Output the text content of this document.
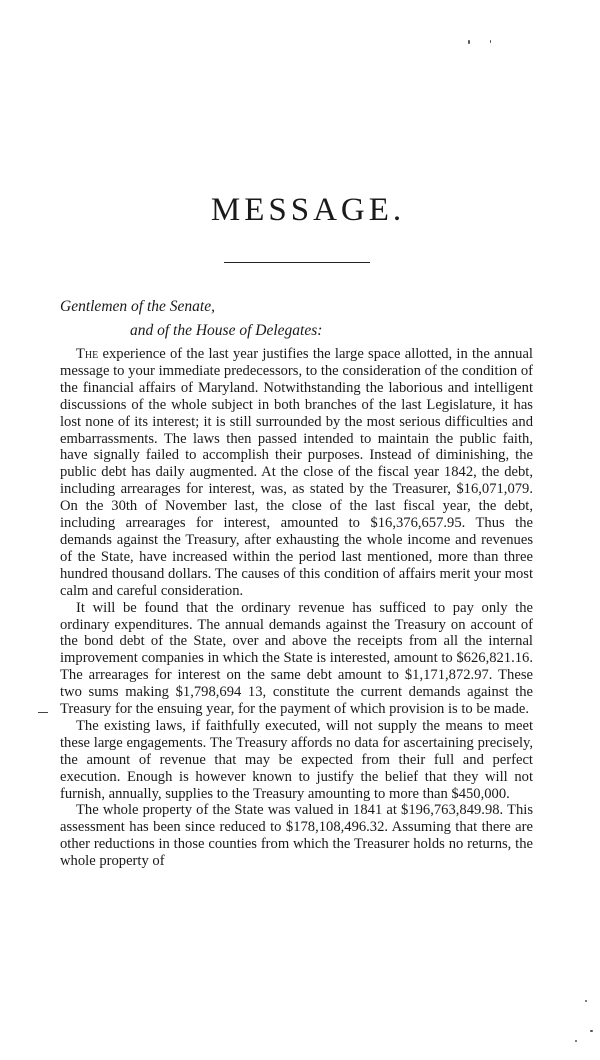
MESSAGE.
Gentlemen of the Senate,
and of the House of Delegates:

The experience of the last year justifies the large space allotted, in the annual message to your immediate predecessors, to the consideration of the condition of the financial affairs of Maryland. Notwithstanding the laborious and intelligent discussions of the whole subject in both branches of the last Legislature, it has lost none of its interest; it is still surrounded by the most serious difficulties and embarrassments. The laws then passed intended to maintain the public faith, have signally failed to accomplish their purposes. Instead of diminishing, the public debt has daily augmented. At the close of the fiscal year 1842, the debt, including arrearages for interest, was, as stated by the Treasurer, $16,071,079. On the 30th of November last, the close of the last fiscal year, the debt, including arrearages for interest, amounted to $16,376,657.95. Thus the demands against the Treasury, after exhausting the whole income and revenues of the State, have increased within the period last mentioned, more than three hundred thousand dollars. The causes of this condition of affairs merit your most calm and careful consideration.

It will be found that the ordinary revenue has sufficed to pay only the ordinary expenditures. The annual demands against the Treasury on account of the bond debt of the State, over and above the receipts from all the internal improvement companies in which the State is interested, amount to $626,821.16. The arrearages for interest on the same debt amount to $1,171,872.97. These two sums making $1,798,694 13, constitute the current demands against the Treasury for the ensuing year, for the payment of which provision is to be made.

The existing laws, if faithfully executed, will not supply the means to meet these large engagements. The Treasury affords no data for ascertaining precisely, the amount of revenue that may be expected from their full and perfect execution. Enough is however known to justify the belief that they will not furnish, annually, supplies to the Treasury amounting to more than $450,000.

The whole property of the State was valued in 1841 at $196,763,849.98. This assessment has been since reduced to $178,108,496.32. Assuming that there are other reductions in those counties from which the Treasurer holds no returns, the whole property of
